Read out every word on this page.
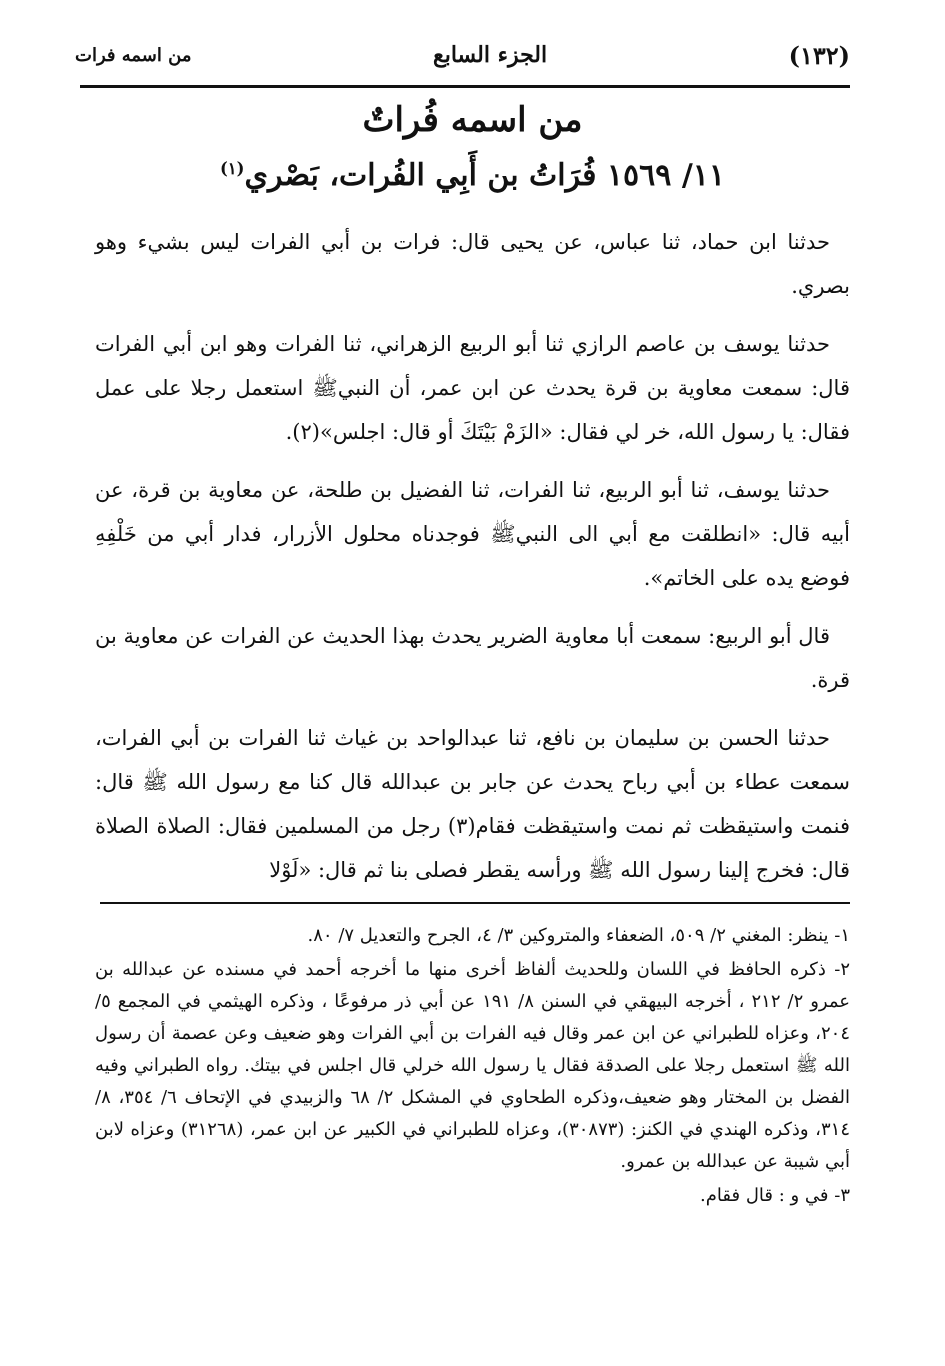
(١٣٢)
الجزء السابع
من اسمه فرات
من اسمه فُراتٌ
١١/ ١٥٦٩ فُرَاتُ بن أَبِي الفُرات، بَصْري$^{(١)}$

حدثنا ابن حماد، ثنا عباس، عن يحيى قال: فرات بن أبي الفرات ليس بشيء وهو بصري.

حدثنا يوسف بن عاصم الرازي ثنا أبو الربيع الزهراني، ثنا الفرات وهو ابن أبي الفرات قال: سمعت معاوية بن قرة يحدث عن ابن عمر، أن النبيﷺ استعمل رجلا على عمل فقال: يا رسول الله، خر لي فقال: «الزَمْ بَيْتَكَ أو قال: اجلس»(٢).

حدثنا يوسف، ثنا أبو الربيع، ثنا الفرات، ثنا الفضيل بن طلحة، عن معاوية بن قرة، عن أبيه قال: «انطلقت مع أبي الى النبيﷺ فوجدناه محلول الأزرار، فدار أبي من خَلْفِهِ فوضع يده على الخاتم».

قال أبو الربيع: سمعت أبا معاوية الضرير يحدث بهذا الحديث عن الفرات عن معاوية بن قرة.

حدثنا الحسن بن سليمان بن نافع، ثنا عبدالواحد بن غياث ثنا الفرات بن أبي الفرات، سمعت عطاء بن أبي رباح يحدث عن جابر بن عبدالله قال كنا مع رسول الله ﷺ قال: فنمت واستيقظت ثم نمت واستيقظت فقام(٣) رجل من المسلمين فقال: الصلاة الصلاة قال: فخرج إلينا رسول الله ﷺ ورأسه يقطر فصلى بنا ثم قال: «لَوْلا

١- ينظر: المغني ٢/ ٥٠٩، الضعفاء والمتروكين ٣/ ٤، الجرح والتعديل ٧/ ٨٠.

٢- ذكره الحافظ في اللسان وللحديث ألفاظ أخرى منها ما أخرجه أحمد في مسنده عن عبدالله بن عمرو ٢/ ٢١٢ ، أخرجه البيهقي في السنن ٨/ ١٩١ عن أبي ذر مرفوعًا ، وذكره الهيثمي في المجمع ٥/ ٢٠٤، وعزاه للطبراني عن ابن عمر وقال فيه الفرات بن أبي الفرات وهو ضعيف وعن عصمة أن رسول الله ﷺ استعمل رجلا على الصدقة فقال يا رسول الله خرلي قال اجلس في بيتك. رواه الطبراني وفيه الفضل بن المختار وهو ضعيف،وذكره الطحاوي في المشكل ٢/ ٦٨ والزبيدي في الإتحاف ٦/ ٣٥٤، ٨/ ٣١٤، وذكره الهندي في الكنز: (٣٠٨٧٣)، وعزاه للطبراني في الكبير عن ابن عمر، (٣١٢٦٨) وعزاه لابن أبي شيبة عن عبدالله بن عمرو.

٣- في و : قال فقام.
